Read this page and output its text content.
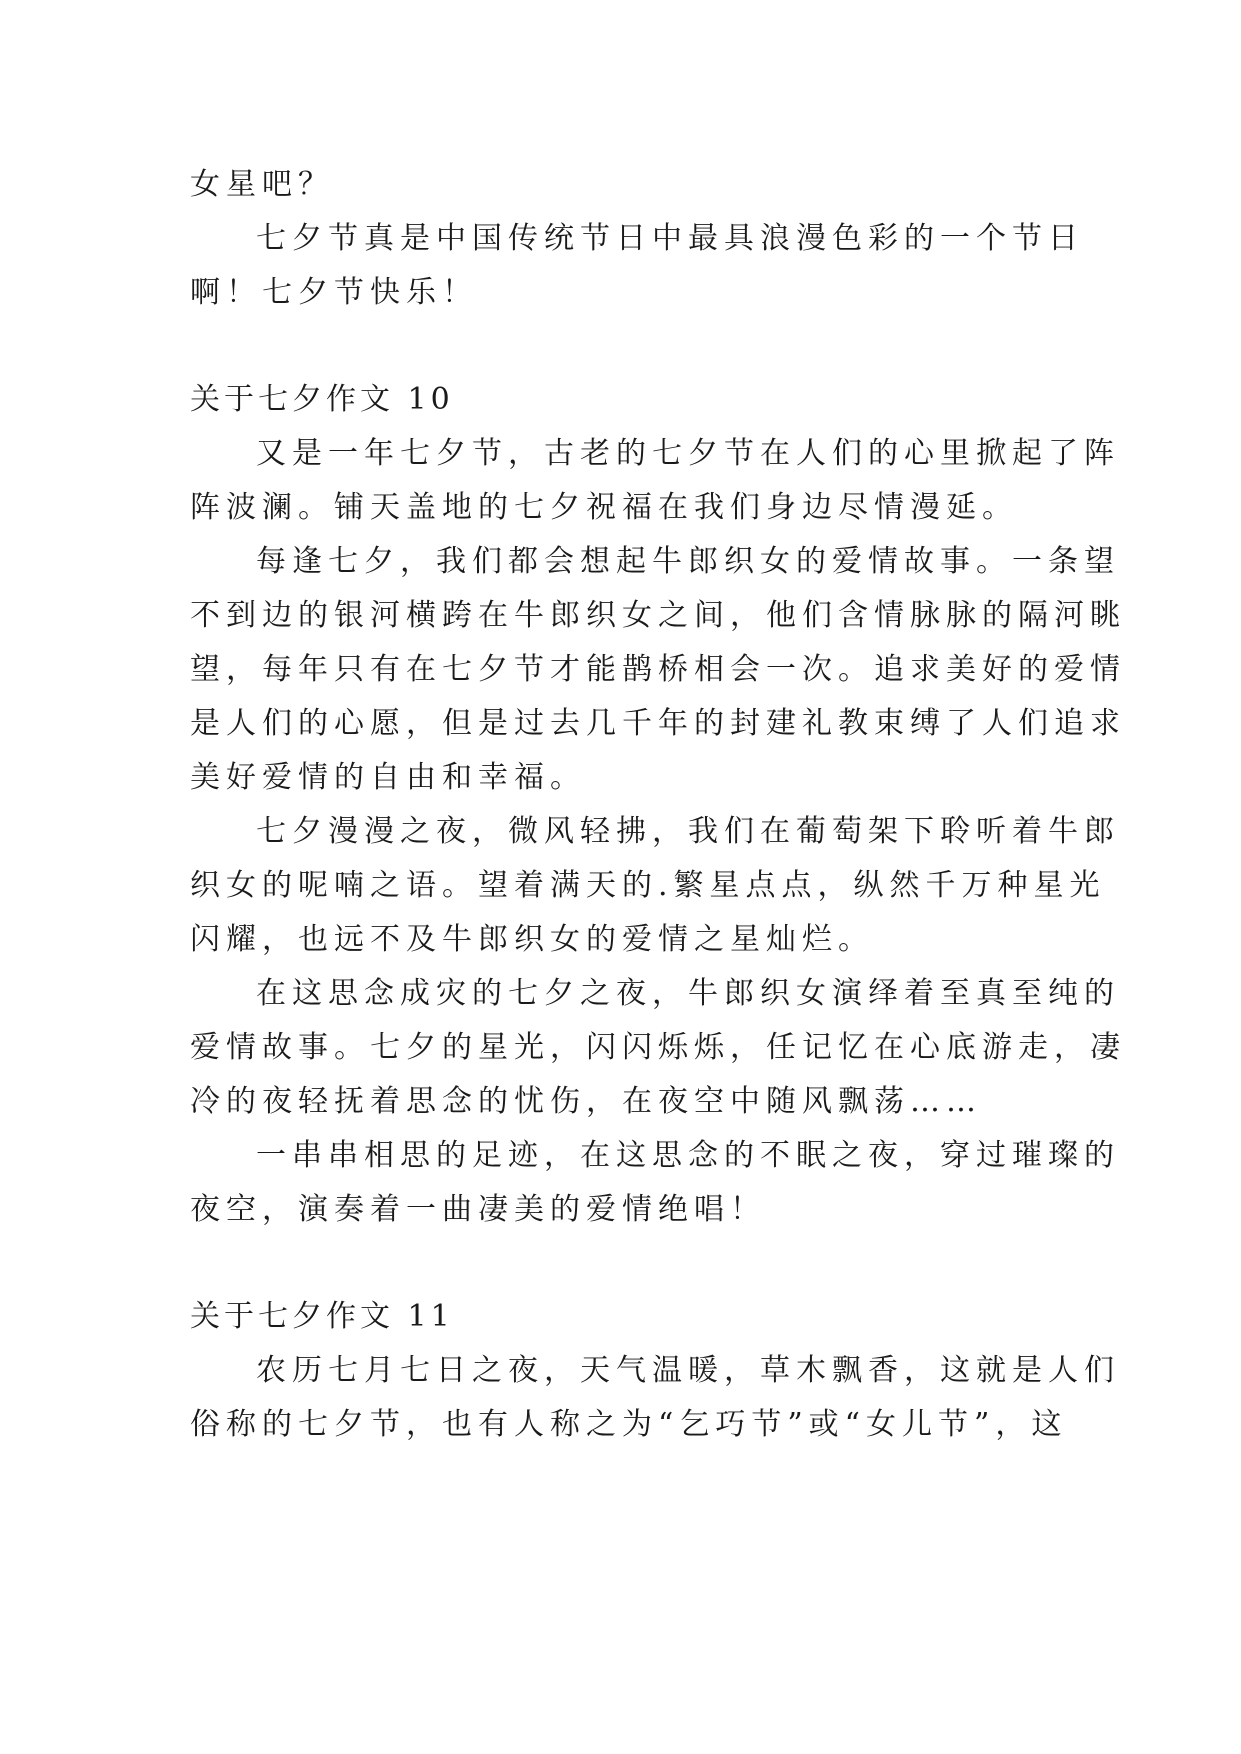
女星吧？

七夕节真是中国传统节日中最具浪漫色彩的一个节日

啊！七夕节快乐！

关于七夕作文 10

又是一年七夕节，古老的七夕节在人们的心里掀起了阵

阵波澜。铺天盖地的七夕祝福在我们身边尽情漫延。

每逢七夕，我们都会想起牛郎织女的爱情故事。一条望

不到边的银河横跨在牛郎织女之间，他们含情脉脉的隔河眺

望，每年只有在七夕节才能鹊桥相会一次。追求美好的爱情

是人们的心愿，但是过去几千年的封建礼教束缚了人们追求

美好爱情的自由和幸福。

七夕漫漫之夜，微风轻拂，我们在葡萄架下聆听着牛郎

织女的呢喃之语。望着满天的.繁星点点，纵然千万种星光

闪耀，也远不及牛郎织女的爱情之星灿烂。

在这思念成灾的七夕之夜，牛郎织女演绎着至真至纯的

爱情故事。七夕的星光，闪闪烁烁，任记忆在心底游走，凄

冷的夜轻抚着思念的忧伤，在夜空中随风飘荡……

一串串相思的足迹，在这思念的不眠之夜，穿过璀璨的

夜空，演奏着一曲凄美的爱情绝唱！

关于七夕作文 11

农历七月七日之夜，天气温暖，草木飘香，这就是人们

俗称的七夕节，也有人称之为“乞巧节”或“女儿节”，这
